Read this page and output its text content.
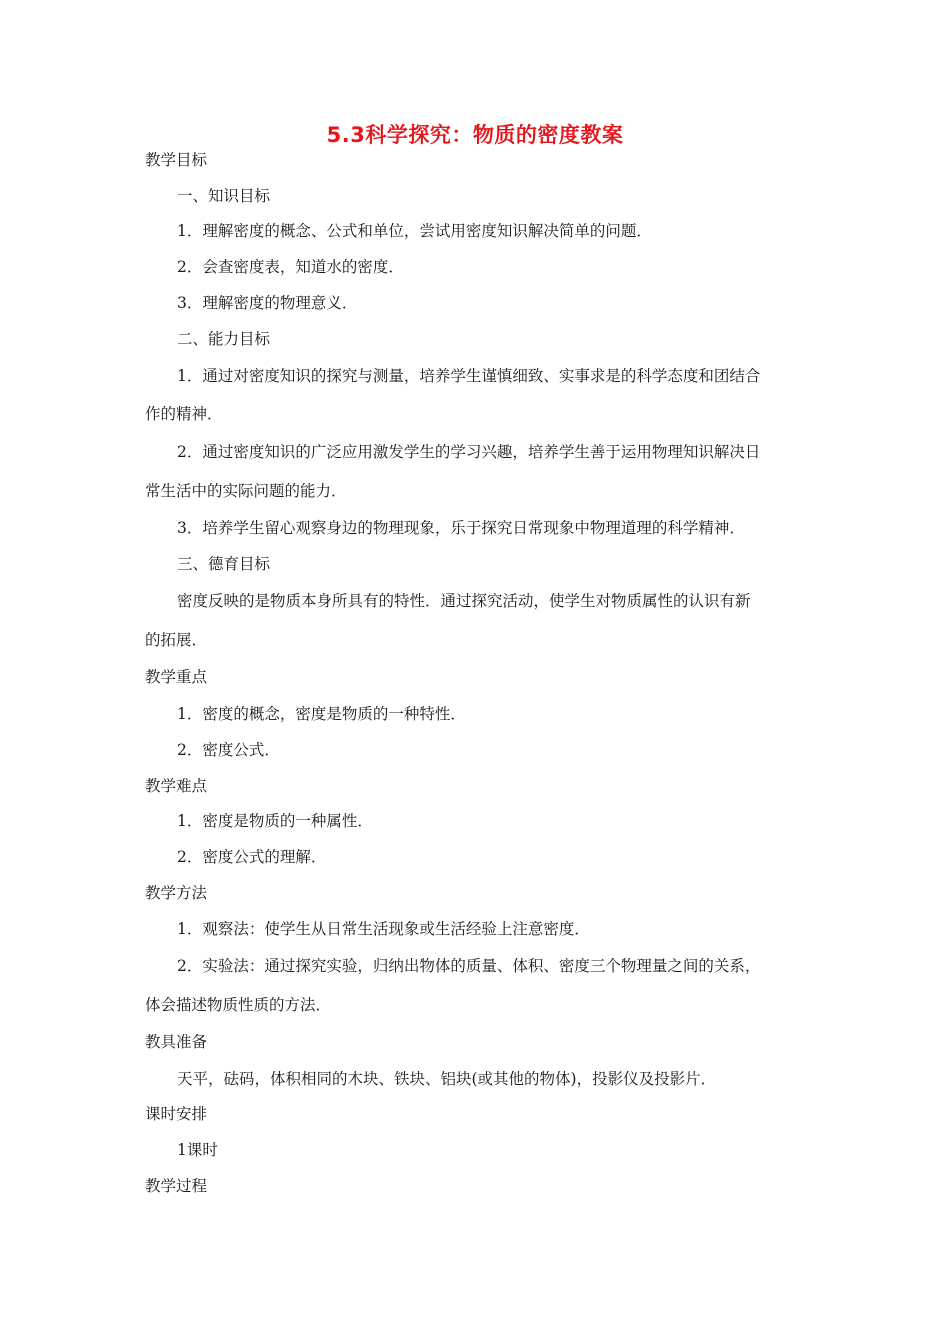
5.3科学探究：物质的密度教案
教学目标
一、知识目标
1．理解密度的概念、公式和单位，尝试用密度知识解决简单的问题．
2．会查密度表，知道水的密度．
3．理解密度的物理意义．
二、能力目标
1．通过对密度知识的探究与测量，培养学生谨慎细致、实事求是的科学态度和团结合
作的精神．
2．通过密度知识的广泛应用激发学生的学习兴趣，培养学生善于运用物理知识解决日
常生活中的实际问题的能力．
3．培养学生留心观察身边的物理现象，乐于探究日常现象中物理道理的科学精神．
三、德育目标
密度反映的是物质本身所具有的特性．通过探究活动，使学生对物质属性的认识有新
的拓展．
教学重点
1．密度的概念，密度是物质的一种特性．
2．密度公式．
教学难点
1．密度是物质的一种属性．
2．密度公式的理解．
教学方法
1．观察法：使学生从日常生活现象或生活经验上注意密度．
2．实验法：通过探究实验，归纳出物体的质量、体积、密度三个物理量之间的关系，
体会描述物质性质的方法．
教具准备
天平，砝码，体积相同的木块、铁块、铝块(或其他的物体)，投影仪及投影片．
课时安排
1课时
教学过程
